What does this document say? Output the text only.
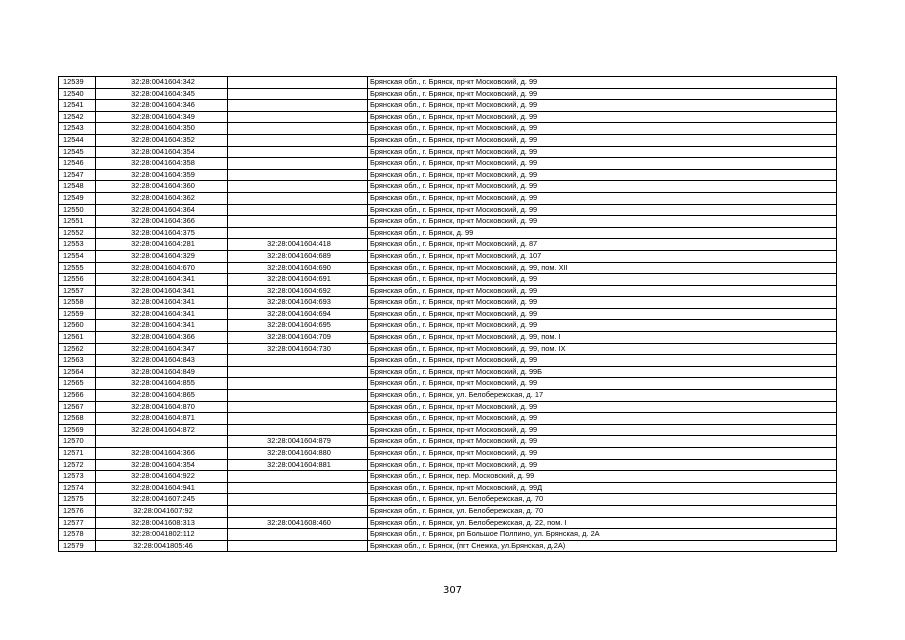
12539	32:28:0041604:342		Брянская обл., г. Брянск, пр-кт Московский, д. 99
12540	32:28:0041604:345		Брянская обл., г. Брянск, пр-кт Московский, д. 99
12541	32:28:0041604:346		Брянская обл., г. Брянск, пр-кт Московский, д. 99
12542	32:28:0041604:349		Брянская обл., г. Брянск, пр-кт Московский, д. 99
12543	32:28:0041604:350		Брянская обл., г. Брянск, пр-кт Московский, д. 99
12544	32:28:0041604:352		Брянская обл., г. Брянск, пр-кт Московский, д. 99
12545	32:28:0041604:354		Брянская обл., г. Брянск, пр-кт Московский, д. 99
12546	32:28:0041604:358		Брянская обл., г. Брянск, пр-кт Московский, д. 99
12547	32:28:0041604:359		Брянская обл., г. Брянск, пр-кт Московский, д. 99
12548	32:28:0041604:360		Брянская обл., г. Брянск, пр-кт Московский, д. 99
12549	32:28:0041604:362		Брянская обл., г. Брянск, пр-кт Московский, д. 99
12550	32:28:0041604:364		Брянская обл., г. Брянск, пр-кт Московский, д. 99
12551	32:28:0041604:366		Брянская обл., г. Брянск, пр-кт Московский, д. 99
12552	32:28:0041604:375		Брянская обл., г. Брянск, д. 99
12553	32:28:0041604:281	32:28:0041604:418	Брянская обл., г. Брянск, пр-кт Московский, д. 87
12554	32:28:0041604:329	32:28:0041604:689	Брянская обл., г. Брянск, пр-кт Московский, д. 107
12555	32:28:0041604:670	32:28:0041604:690	Брянская обл., г. Брянск, пр-кт Московский, д. 99, пом. XII
12556	32:28:0041604:341	32:28:0041604:691	Брянская обл., г. Брянск, пр-кт Московский, д. 99
12557	32:28:0041604:341	32:28:0041604:692	Брянская обл., г. Брянск, пр-кт Московский, д. 99
12558	32:28:0041604:341	32:28:0041604:693	Брянская обл., г. Брянск, пр-кт Московский, д. 99
12559	32:28:0041604:341	32:28:0041604:694	Брянская обл., г. Брянск, пр-кт Московский, д. 99
12560	32:28:0041604:341	32:28:0041604:695	Брянская обл., г. Брянск, пр-кт Московский, д. 99
12561	32:28:0041604:366	32:28:0041604:709	Брянская обл., г. Брянск, пр-кт Московский, д. 99, пом. I
12562	32:28:0041604:347	32:28:0041604:730	Брянская обл., г. Брянск, пр-кт Московский, д. 99, пом. IX
12563	32:28:0041604:843		Брянская обл., г. Брянск, пр-кт Московский, д. 99
12564	32:28:0041604:849		Брянская обл., г. Брянск, пр-кт Московский, д. 99Б
12565	32:28:0041604:855		Брянская обл., г. Брянск, пр-кт Московский, д. 99
12566	32:28:0041604:865		Брянская обл., г. Брянск, ул. Белобережская, д. 17
12567	32:28:0041604:870		Брянская обл., г. Брянск, пр-кт Московский, д. 99
12568	32:28:0041604:871		Брянская обл., г. Брянск, пр-кт Московский, д. 99
12569	32:28:0041604:872		Брянская обл., г. Брянск, пр-кт Московский, д. 99
12570		32:28:0041604:879	Брянская обл., г. Брянск, пр-кт Московский, д. 99
12571	32:28:0041604:366	32:28:0041604:880	Брянская обл., г. Брянск, пр-кт Московский, д. 99
12572	32:28:0041604:354	32:28:0041604:881	Брянская обл., г. Брянск, пр-кт Московский, д. 99
12573	32:28:0041604:922		Брянская обл., г. Брянск, пер. Московский, д. 99
12574	32:28:0041604:941		Брянская обл., г. Брянск, пр-кт Московский, д. 99Д
12575	32:28:0041607:245		Брянская обл., г. Брянск, ул. Белобережская, д. 70
12576	32:28:0041607:92		Брянская обл., г. Брянск, ул. Белобережская, д. 70
12577	32:28:0041608:313	32:28:0041608:460	Брянская обл., г. Брянск, ул. Белобережская, д. 22, пом. I
12578	32:28:0041802:112		Брянская обл., г. Брянск, рп Большое Полпино, ул. Брянская, д. 2А
12579	32:28:0041805:46		Брянская обл., г. Брянск, (пгт Снежка, ул.Брянская, д.2А)
307
